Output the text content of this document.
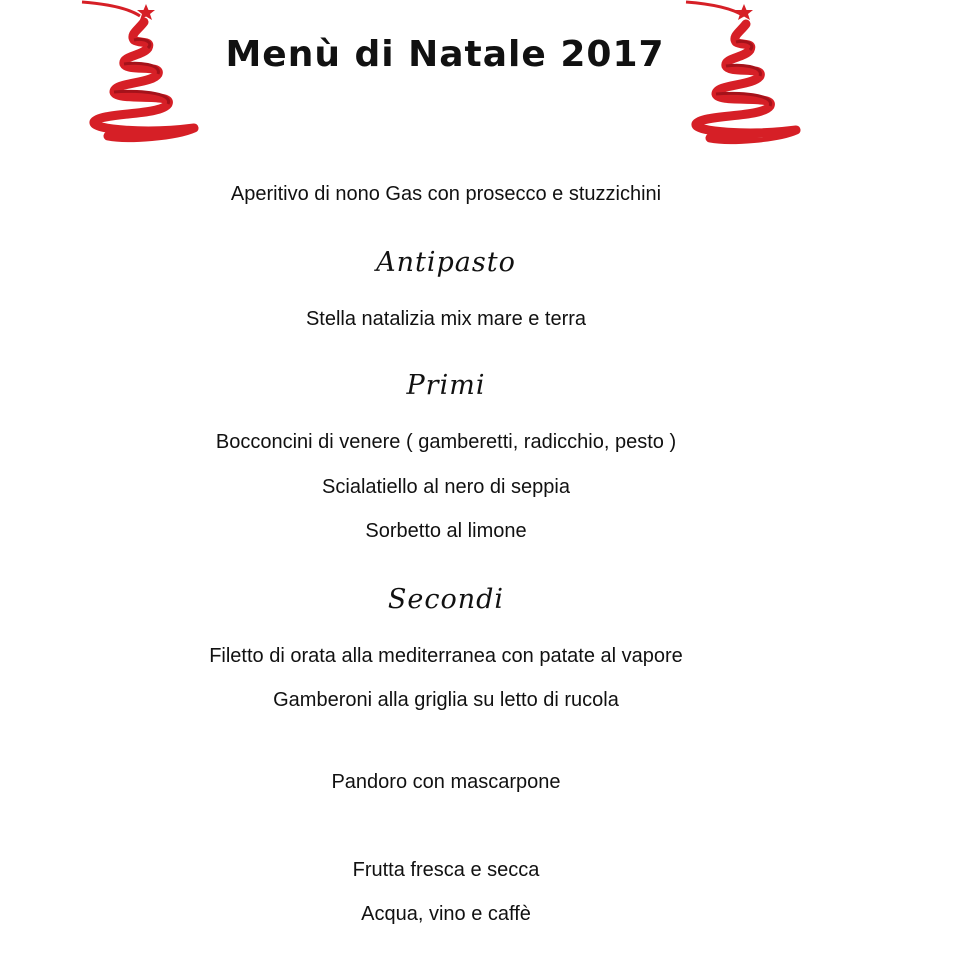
Menù di Natale 2017
Aperitivo di nono Gas con prosecco e stuzzichini
Antipasto
Stella natalizia mix mare e terra
Primi
Bocconcini di venere ( gamberetti, radicchio, pesto )
Scialatiello al nero di seppia
Sorbetto al limone
Secondi
Filetto di orata alla mediterranea con patate al vapore
Gamberoni alla griglia su letto di rucola
Pandoro con mascarpone
Frutta fresca e secca
Acqua, vino e caffè
